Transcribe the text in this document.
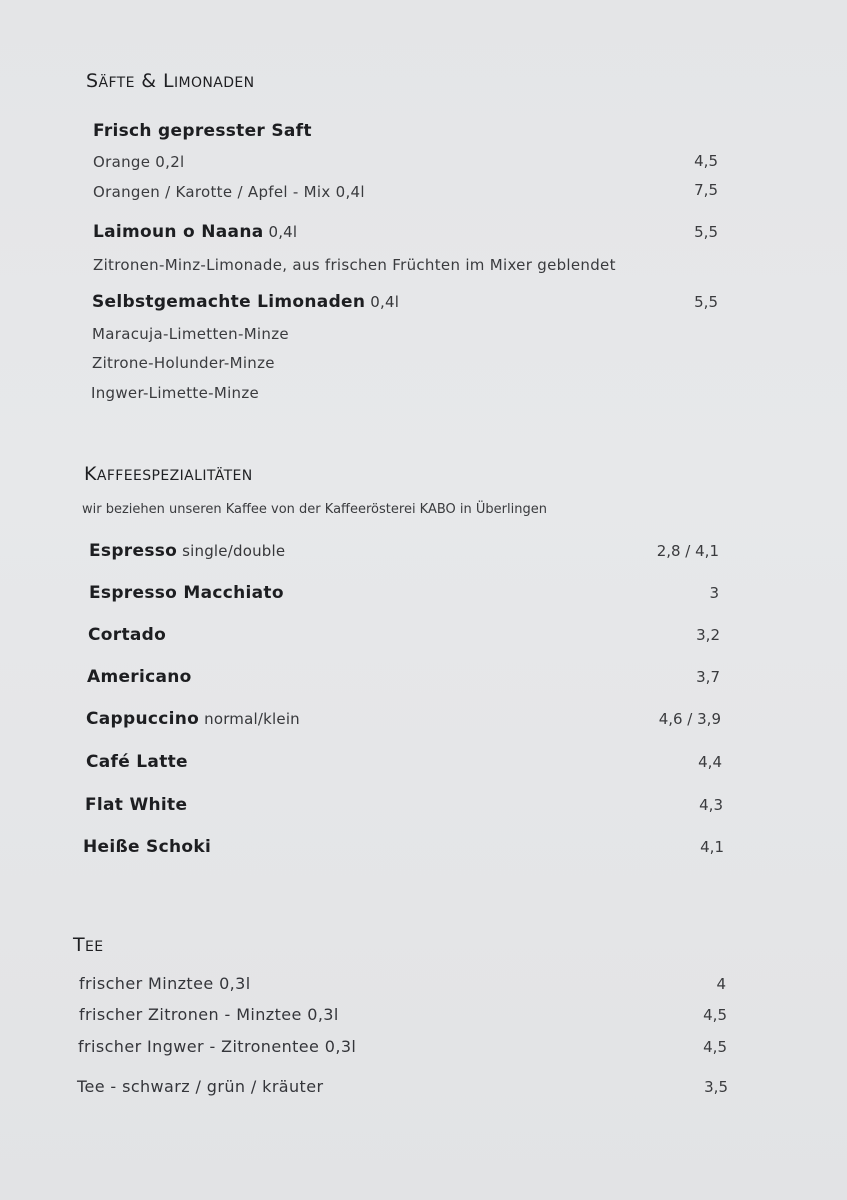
SÄFTE & LIMONADEN
Frisch gepresster Saft
Orange 0,2l	4,5
Orangen / Karotte / Apfel - Mix 0,4l	7,5
Laimoun o Naana 0,4l	5,5
Zitronen-Minz-Limonade, aus frischen Früchten im Mixer geblendet
Selbstgemachte Limonaden 0,4l	5,5
Maracuja-Limetten-Minze
Zitrone-Holunder-Minze
Ingwer-Limette-Minze
KAFFEESPEZIALITÄTEN
wir beziehen unseren Kaffee von der Kaffeerösterei KABO in Überlingen
Espresso single/double	2,8 / 4,1
Espresso Macchiato	3
Cortado	3,2
Americano	3,7
Cappuccino normal/klein	4,6 / 3,9
Café Latte	4,4
Flat White	4,3
Heiße Schoki	4,1
TEE
frischer Minztee 0,3l	4
frischer Zitronen - Minztee 0,3l	4,5
frischer Ingwer - Zitronentee 0,3l	4,5
Tee - schwarz / grün / kräuter	3,5
